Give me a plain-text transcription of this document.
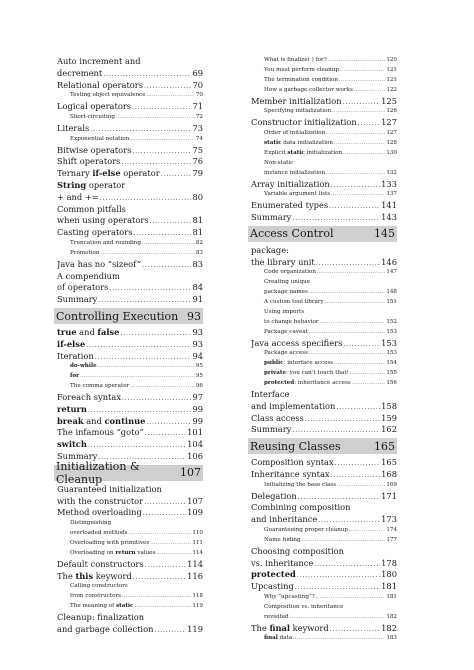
Auto increment and
decrement . . .	69
Relational operators . . .	70
Testing object equivalence . . .	70
Logical operators . . .	71
Short-circuiting . . .	72
Literals . . .	73
Exponential notation . . .	74
Bitwise operators . . .	75
Shift operators . . .	76
Ternary if-else operator . . .	79
String operator
+ and += . . .	80
Common pitfalls
when using operators . . .	81
Casting operators . . .	81
Truncation and rounding . . .	82
Promotion . . .	83
Java has no “sizeof” . . .	83
A compendium
of operators . . .	84
Summary . . .	91
Controlling Execution 93
true and false . . .	93
if-else . . .	93
Iteration . . .	94
do-while . . .	95
for . . .	95
The comma operator . . .	96
Foreach syntax . . .	97
return . . .	99
break and continue . . .	99
The infamous “goto” . . .	101
switch . . .	104
Summary . . .	106
Initialization & Cleanup	107
Guaranteed initialization
with the constructor . . .	107
Method overloading . . .	109
Distinguishing
overloaded methods . . .	110
Overloading with primitives . . .	111
Overloading on return values . . .	114
Default constructors . . .	114
The this keyword . . .	116
Calling constructors
from constructors . . .	118
The meaning of static . . .	119
Cleanup: finalization
and garbage collection . . .	119
What is finalize( ) for? . . .	120
You must perform cleanup . . .	121
The termination condition . . .	121
How a garbage collector works . . .	122
Member initialization . . .	125
Specifying initialization . . .	126
Constructor initialization . . .	127
Order of initialization . . .	127
static data initialization . . .	128
Explicit static initialization . . .	130
Non-static
instance initialization . . .	132
Array initialization . . .	133
Variable argument lists . . .	137
Enumerated types . . .	141
Summary . . .	143
Access Control	145
package:
the library unit . . .	146
Code organization . . .	147
Creating unique
package names . . .	148
A custom tool library . . .	151
Using imports
to change behavior . . .	152
Package caveat . . .	153
Java access specifiers . . .	153
Package access . . .	153
public: interface access . . .	154
private: you can’t touch that! . . .	155
protected: inheritance access . . .	156
Interface
and implementation . . .	158
Class access . . .	159
Summary . . .	162
Reusing Classes	165
Composition syntax . . .	165
Inheritance syntax . . .	168
Initializing the base class . . .	169
Delegation . . .	171
Combining composition
and inheritance . . .	173
Guaranteeing proper cleanup . . .	174
Name hiding . . .	177
Choosing composition
vs. inheritance . . .	178
protected . . .	180
Upcasting . . .	181
Why “upcasting”? . . .	181
Composition vs. inheritance
revisited . . .	182
The final keyword . . .	182
final data . . .	183
